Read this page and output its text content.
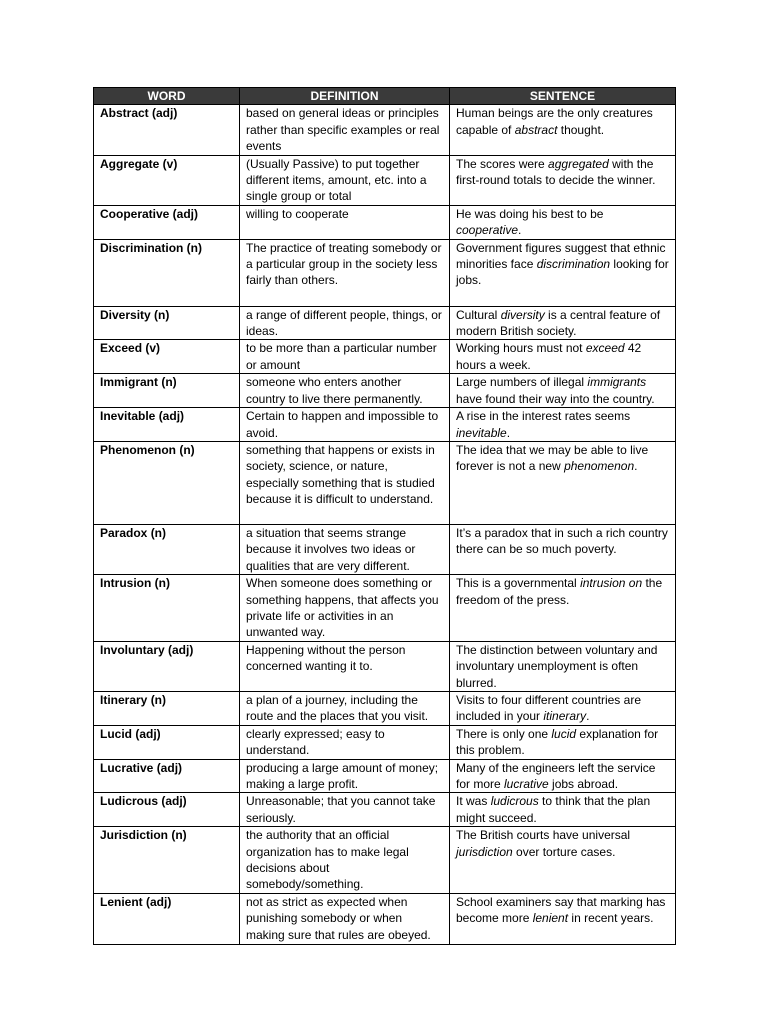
WORD	DEFINITION	SENTENCE
Abstract (adj)	based on general ideas or principles rather than specific examples or real events	Human beings are the only creatures capable of abstract thought.
Aggregate (v)	(Usually Passive) to put together different items, amount, etc. into a single group or total	The scores were aggregated with the first-round totals to decide the winner.
Cooperative (adj)	willing to cooperate	He was doing his best to be cooperative.
Discrimination (n)	The practice of treating somebody or a particular group in the society less fairly than others.	Government figures suggest that ethnic minorities face discrimination looking for jobs.
Diversity (n)	a range of different people, things, or ideas.	Cultural diversity is a central feature of modern British society.
Exceed (v)	to be more than a particular number or amount	Working hours must not exceed 42 hours a week.
Immigrant (n)	someone who enters another country to live there permanently.	Large numbers of illegal immigrants have found their way into the country.
Inevitable (adj)	Certain to happen and impossible to avoid.	A rise in the interest rates seems inevitable.
Phenomenon (n)	something that happens or exists in society, science, or nature, especially something that is studied because it is difficult to understand.	The idea that we may be able to live forever is not a new phenomenon.
Paradox (n)	a situation that seems strange because it involves two ideas or qualities that are very different.	It’s a paradox that in such a rich country there can be so much poverty.
Intrusion (n)	When someone does something or something happens, that affects you private life or activities in an unwanted way.	This is a governmental intrusion on the freedom of the press.
Involuntary (adj)	Happening without the person concerned wanting it to.	The distinction between voluntary and involuntary unemployment is often blurred.
Itinerary (n)	a plan of a journey, including the route and the places that you visit.	Visits to four different countries are included in your itinerary.
Lucid (adj)	clearly expressed; easy to understand.	There is only one lucid explanation for this problem.
Lucrative (adj)	producing a large amount of money; making a large profit.	Many of the engineers left the service for more lucrative jobs abroad.
Ludicrous (adj)	Unreasonable; that you cannot take seriously.	It was ludicrous to think that the plan might succeed.
Jurisdiction (n)	the authority that an official organization has to make legal decisions about somebody/something.	The British courts have universal jurisdiction over torture cases.
Lenient (adj)	not as strict as expected when punishing somebody or when making sure that rules are obeyed.	School examiners say that marking has become more lenient in recent years.
